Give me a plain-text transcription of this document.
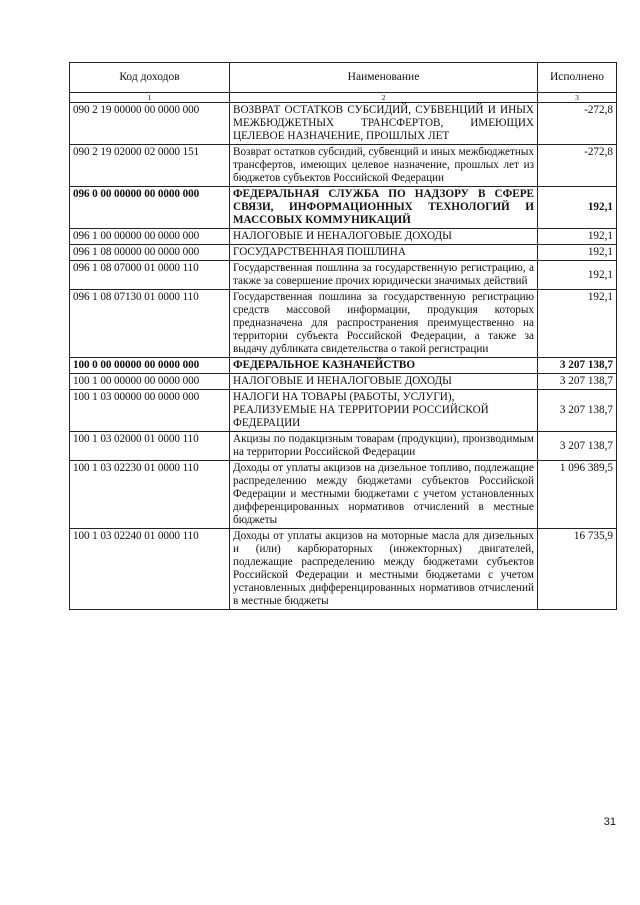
Код доходов	Наименование	Исполнено
1	2	3
090 2 19 00000 00 0000 000	ВОЗВРАТ ОСТАТКОВ СУБСИДИЙ, СУБВЕНЦИЙ И ИНЫХ МЕЖБЮДЖЕТНЫХ ТРАНСФЕРТОВ, ИМЕЮЩИХ ЦЕЛЕВОЕ НАЗНАЧЕНИЕ, ПРОШЛЫХ ЛЕТ	-272,8
090 2 19 02000 02 0000 151	Возврат остатков субсидий, субвенций и иных межбюджетных трансфертов, имеющих целевое назначение, прошлых лет из бюджетов субъектов Российской Федерации	-272,8
096 0 00 00000 00 0000 000	ФЕДЕРАЛЬНАЯ СЛУЖБА ПО НАДЗОРУ В СФЕРЕ СВЯЗИ, ИНФОРМАЦИОННЫХ ТЕХНОЛОГИЙ И МАССОВЫХ КОММУНИКАЦИЙ	192,1
096 1 00 00000 00 0000 000	НАЛОГОВЫЕ И НЕНАЛОГОВЫЕ ДОХОДЫ	192,1
096 1 08 00000 00 0000 000	ГОСУДАРСТВЕННАЯ ПОШЛИНА	192,1
096 1 08 07000 01 0000 110	Государственная пошлина за государственную регистрацию, а также за совершение прочих юридически значимых действий	192,1
096 1 08 07130 01 0000 110	Государственная пошлина за государственную регистрацию средств массовой информации, продукция которых предназначена для распространения преимущественно на территории субъекта Российской Федерации, а также за выдачу дубликата свидетельства о такой регистрации	192,1
100 0 00 00000 00 0000 000	ФЕДЕРАЛЬНОЕ КАЗНАЧЕЙСТВО	3 207 138,7
100 1 00 00000 00 0000 000	НАЛОГОВЫЕ И НЕНАЛОГОВЫЕ ДОХОДЫ	3 207 138,7
100 1 03 00000 00 0000 000	НАЛОГИ НА ТОВАРЫ (РАБОТЫ, УСЛУГИ), РЕАЛИЗУЕМЫЕ НА ТЕРРИТОРИИ РОССИЙСКОЙ ФЕДЕРАЦИИ	3 207 138,7
100 1 03 02000 01 0000 110	Акцизы по подакцизным товарам (продукции), производимым на территории Российской Федерации	3 207 138,7
100 1 03 02230 01 0000 110	Доходы от уплаты акцизов на дизельное топливо, подлежащие распределению между бюджетами субъектов Российской Федерации и местными бюджетами с учетом установленных дифференцированных нормативов отчислений в местные бюджеты	1 096 389,5
100 1 03 02240 01 0000 110	Доходы от уплаты акцизов на моторные масла для дизельных и (или) карбюраторных (инжекторных) двигателей, подлежащие распределению между бюджетами субъектов Российской Федерации и местными бюджетами с учетом установленных дифференцированных нормативов отчислений в местные бюджеты	16 735,9
31
